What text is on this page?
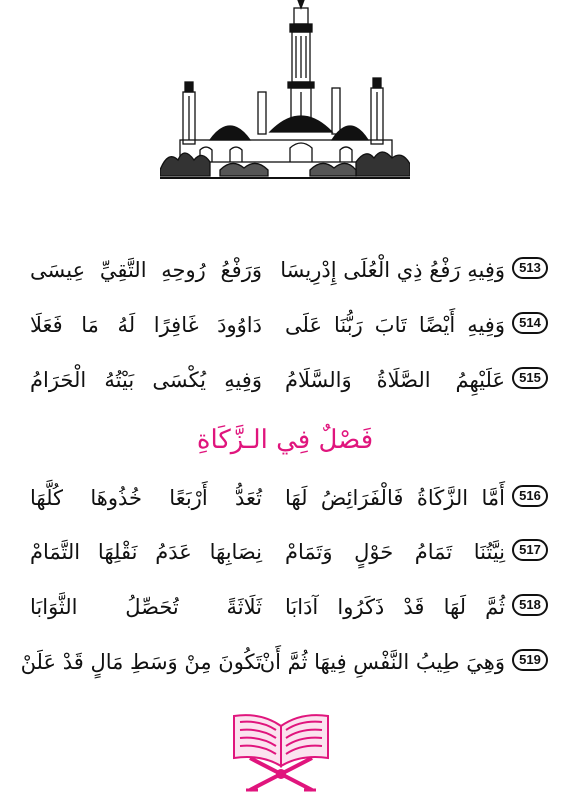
513
وَفِيهِ رَفْعُ ذِي الْعُلَى إِدْرِيسَا
وَرَفْعُ رُوحِهِ التَّقِيِّ عِيسَى
514
وَفِيهِ أَيْضًا تَابَ رَبُّنَا عَلَى
دَاوُودَ غَافِرًا لَهُ مَا فَعَلَا
515
عَلَيْهِمُ الصَّلَاةُ وَالسَّلَامُ
وَفِيهِ يُكْسَى بَيْتُهُ الْحَرَامُ
فَصْلٌ فِي الـزَّكَاةِ
516
أَمَّا الزَّكَاةُ فَالْفَرَائِضُ لَهَا
تُعَدُّ أَرْبَعًا خُذُوهَا كُلَّهَا
517
نِيَّتُنَا تَمَامُ حَوْلٍ وَتَمَامْ
نِصَابِهَا عَدَمُ نَقْلِهَا التَّمَامْ
518
ثُمَّ لَهَا قَدْ ذَكَرُوا آدَابَا
ثَلَاثَةً تُحَصِّلُ الثَّوَابَا
519
وَهِيَ طِيبُ النَّفْسِ فِيهَا ثُمَّ أَنْ
تَكُونَ مِنْ وَسَطِ مَالٍ قَدْ عَلَنْ
